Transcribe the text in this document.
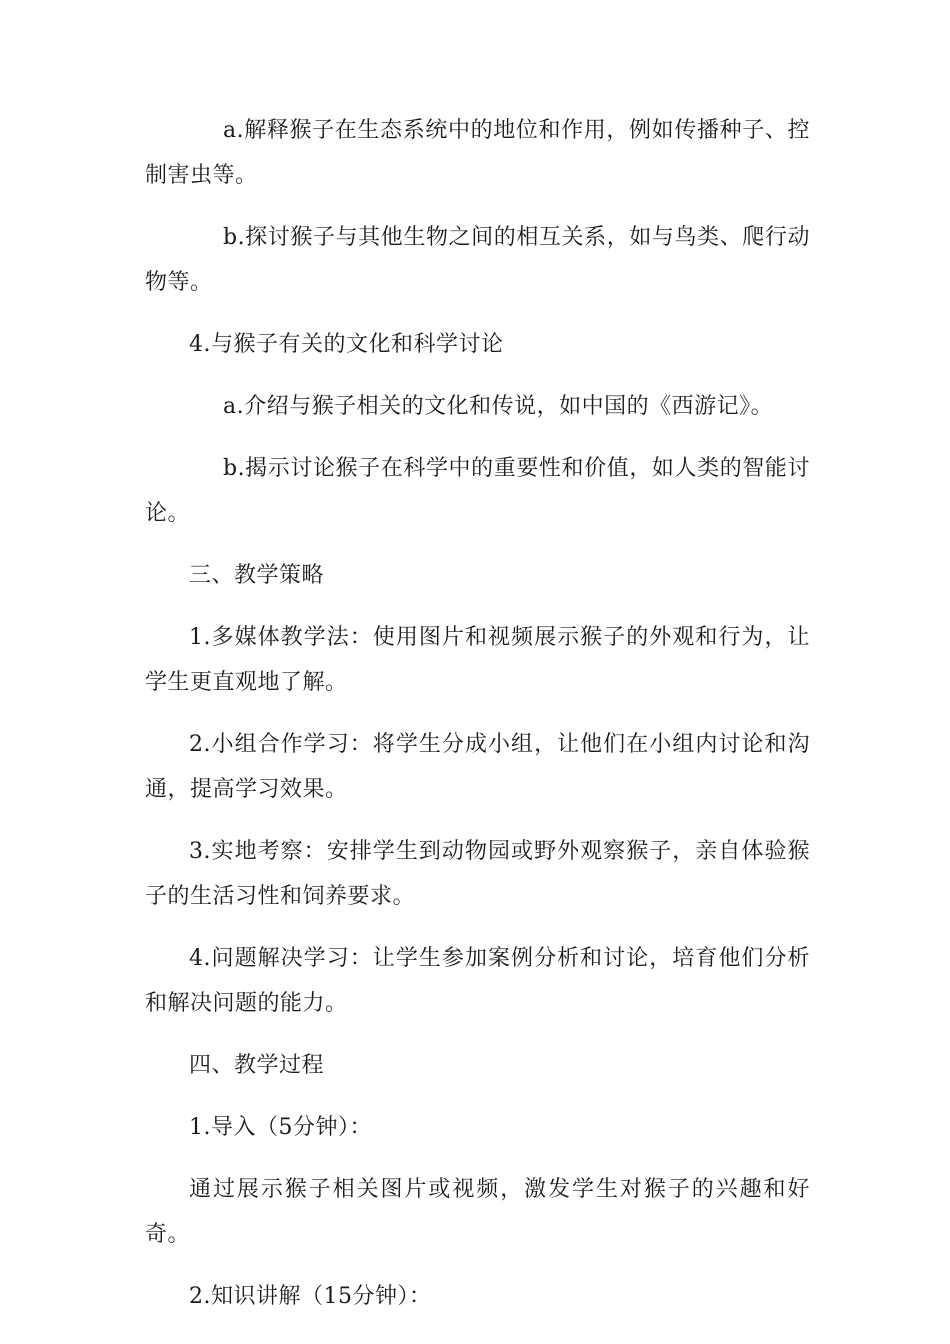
a.解释猴子在生态系统中的地位和作用，例如传播种子、控制害虫等。

b.探讨猴子与其他生物之间的相互关系，如与鸟类、爬行动物等。

4.与猴子有关的文化和科学讨论

a.介绍与猴子相关的文化和传说，如中国的《西游记》。

b.揭示讨论猴子在科学中的重要性和价值，如人类的智能讨论。

三、教学策略

1.多媒体教学法：使用图片和视频展示猴子的外观和行为，让学生更直观地了解。

2.小组合作学习：将学生分成小组，让他们在小组内讨论和沟通，提高学习效果。

3.实地考察：安排学生到动物园或野外观察猴子，亲自体验猴子的生活习性和饲养要求。

4.问题解决学习：让学生参加案例分析和讨论，培育他们分析和解决问题的能力。

四、教学过程

1.导入（5分钟）：

通过展示猴子相关图片或视频，激发学生对猴子的兴趣和好奇。

2.知识讲解（15分钟）：
